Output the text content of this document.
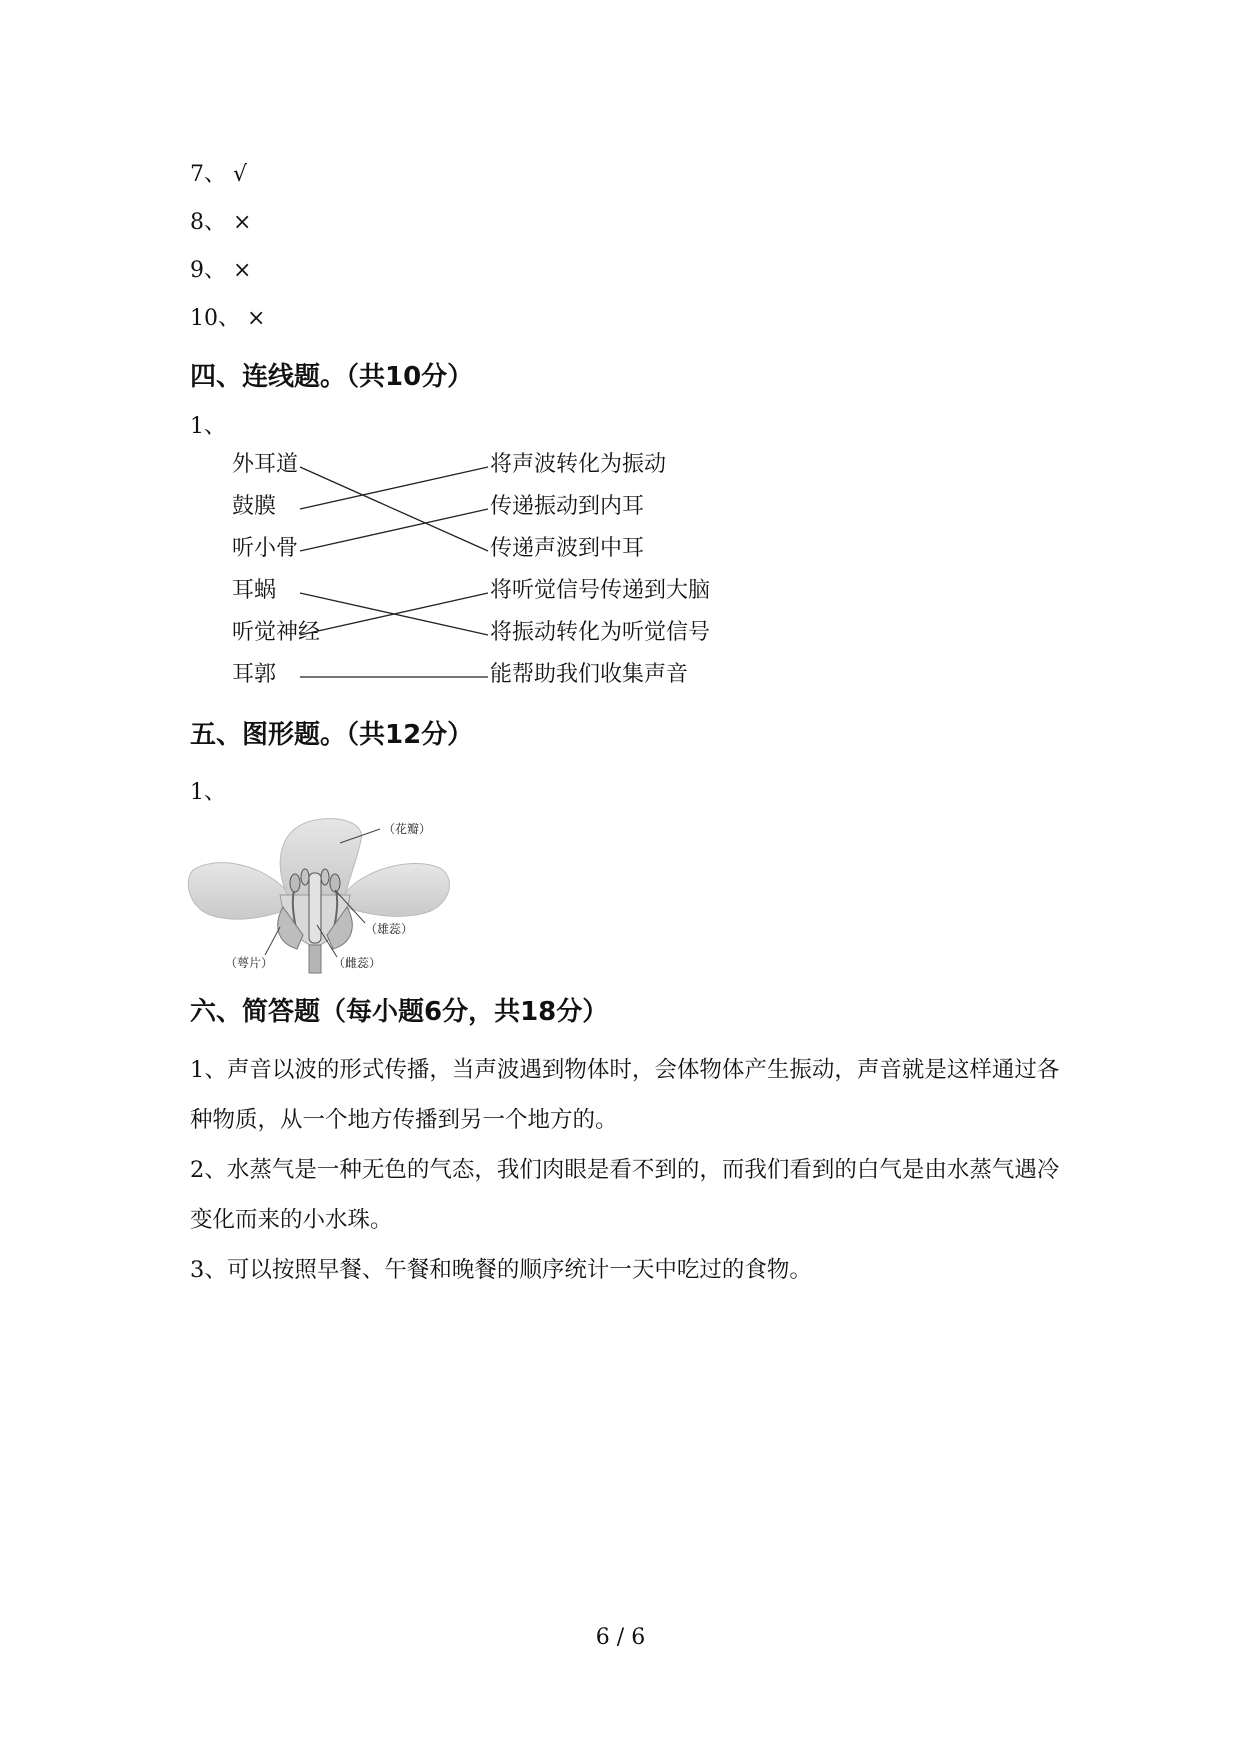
7、 √
8、 ×
9、 ×
10、 ×
四、连线题。（共10分）
1、
外耳道
鼓膜
听小骨
耳蜗
听觉神经
耳郭
将声波转化为振动
传递振动到内耳
传递声波到中耳
将听觉信号传递到大脑
将振动转化为听觉信号
能帮助我们收集声音
五、图形题。（共12分）
1、
（花瓣）
（雄蕊）
（萼片）	（雌蕊）
六、简答题（每小题6分，共18分）
1、声音以波的形式传播，当声波遇到物体时，会体物体产生振动，声音就是这样通过各种物质，从一个地方传播到另一个地方的。
2、水蒸气是一种无色的气态，我们肉眼是看不到的，而我们看到的白气是由水蒸气遇冷变化而来的小水珠。
3、可以按照早餐、午餐和晚餐的顺序统计一天中吃过的食物。
6 / 6
